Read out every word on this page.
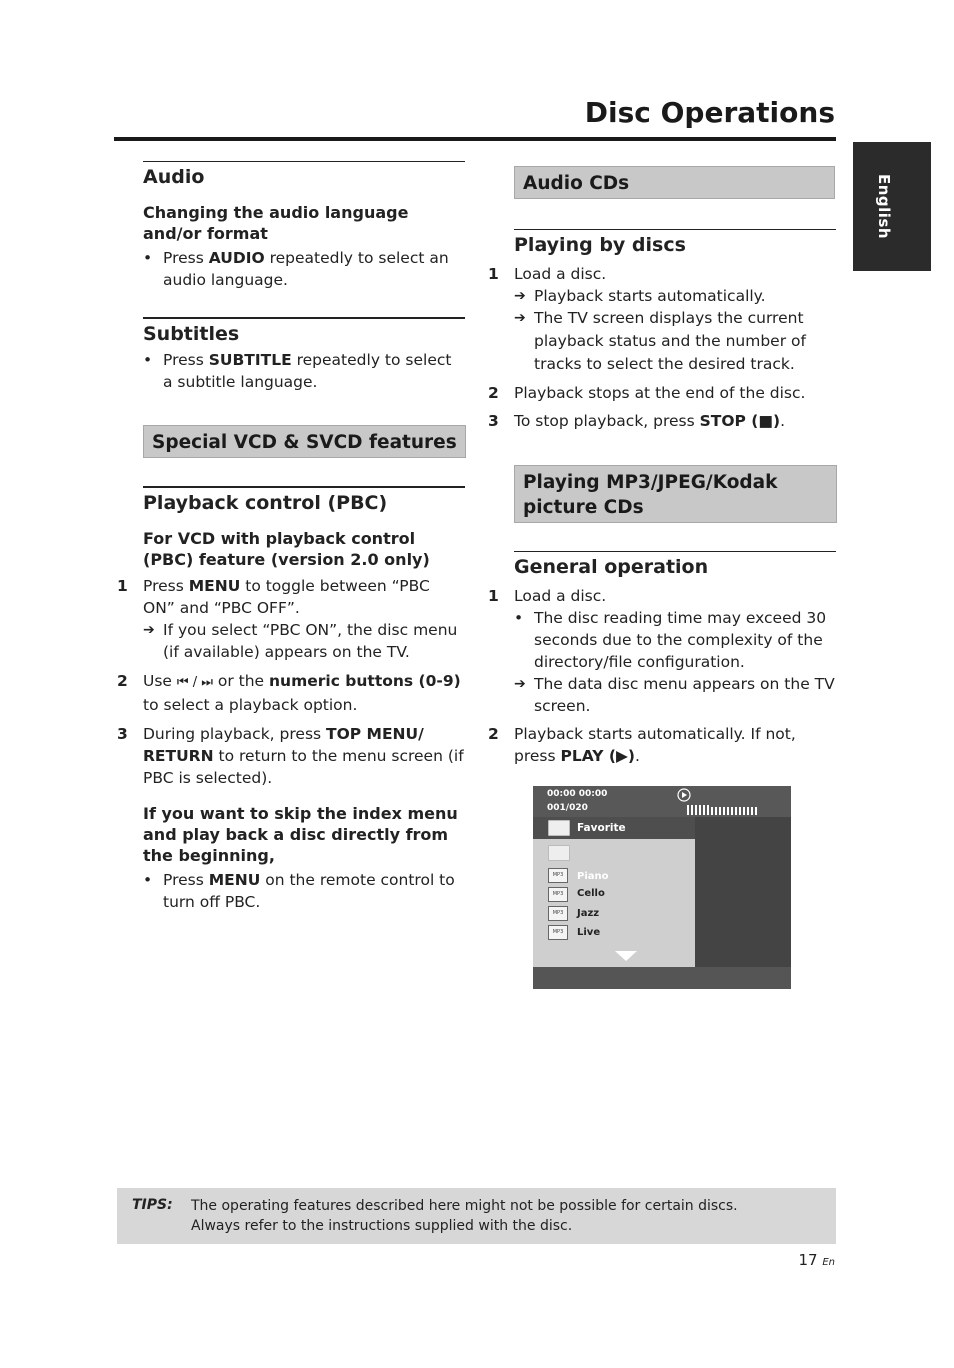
Disc Operations
English
Audio
Changing the audio language and/or format
• Press AUDIO repeatedly to select an audio language.
Subtitles
• Press SUBTITLE repeatedly to select a subtitle language.
Special VCD & SVCD features
Playback control (PBC)
For VCD with playback control (PBC) feature (version 2.0 only)
1 Press MENU to toggle between “PBC ON” and “PBC OFF”.
➔ If you select “PBC ON”, the disc menu (if available) appears on the TV.
2 Use ⏮ / ⏭ or the numeric buttons (0-9) to select a playback option.
3 During playback, press TOP MENU/ RETURN to return to the menu screen (if PBC is selected).
If you want to skip the index menu and play back a disc directly from the beginning,
• Press MENU on the remote control to turn off PBC.
Audio CDs
Playing by discs
1 Load a disc.
➔ Playback starts automatically.
➔ The TV screen displays the current playback status and the number of tracks to select the desired track.
2 Playback stops at the end of the disc.
3 To stop playback, press STOP (■).
Playing MP3/JPEG/Kodak picture CDs
General operation
1 Load a disc.
• The disc reading time may exceed 30 seconds due to the complexity of the directory/file configuration.
➔ The data disc menu appears on the TV screen.
2 Playback starts automatically. If not, press PLAY (▶).
00:00 00:00
001/020
Favorite
MP3	Piano
MP3	Cello
MP3	Jazz
MP3	Live
TIPS: The operating features described here might not be possible for certain discs.
Always refer to the instructions supplied with the disc.
17 En
